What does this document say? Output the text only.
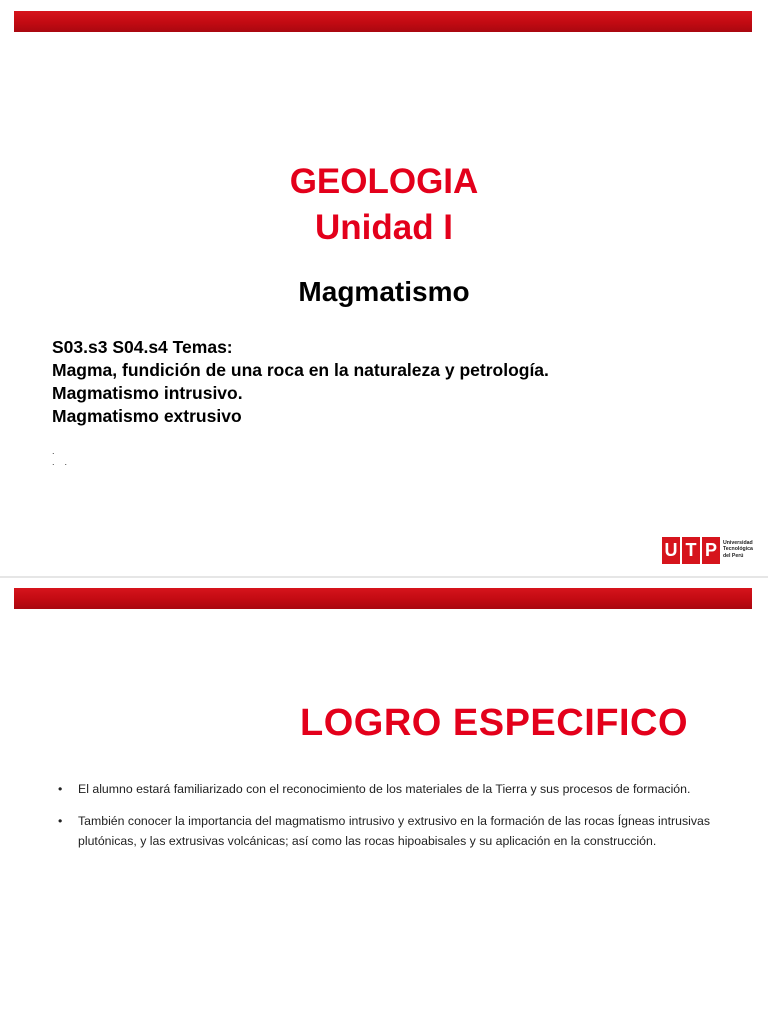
GEOLOGIA
Unidad I
Magmatismo
S03.s3 S04.s4 Temas:
Magma, fundición de una roca en la naturaleza y petrología.
Magmatismo intrusivo.
Magmatismo extrusivo
.
.    .
U T P	Universidad
Tecnológica
del Perú
LOGRO ESPECIFICO
• El alumno estará familiarizado con el reconocimiento de los materiales de la Tierra y sus procesos de formación.
• También conocer la importancia del magmatismo intrusivo y extrusivo en la formación de las rocas Ígneas intrusivas plutónicas, y las extrusivas volcánicas; así como las rocas hipoabisales y su aplicación en la construcción.
